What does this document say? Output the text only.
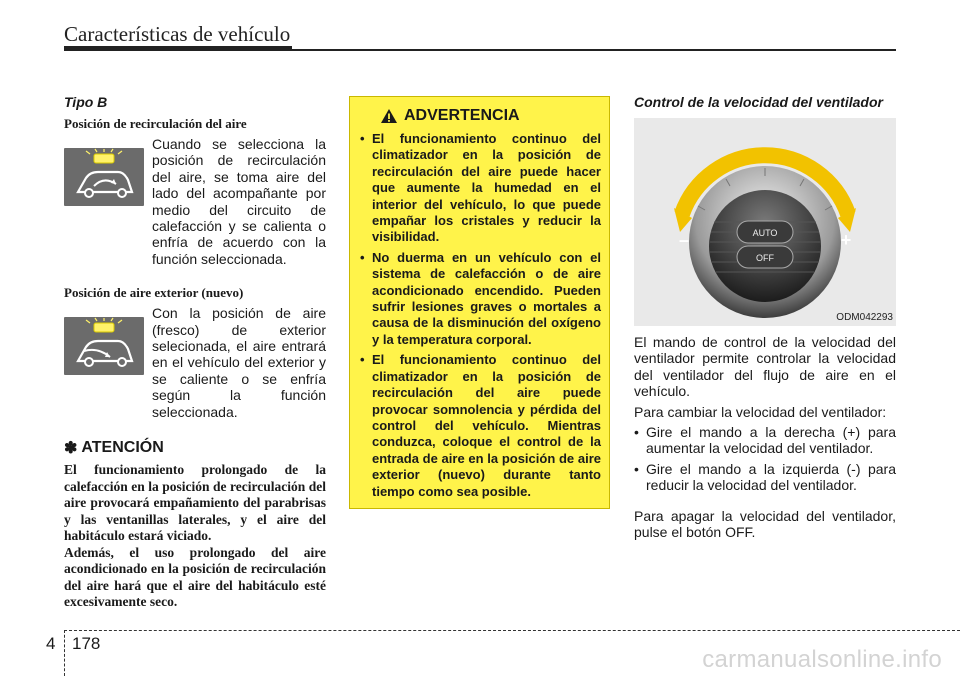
Características de vehículo

Tipo B

Posición de recirculación del aire

Cuando se selecciona la posición de recirculación del aire, se toma aire del lado del acompañante por medio del circuito de calefacción y se calienta o enfría de acuerdo con la función seleccionada.

Posición de aire exterior (nuevo)

Con la posición de aire (fresco) de exterior selecionada, el aire entrará en el vehículo del exterior y se caliente o se enfría según la función seleccionada.

✽ ATENCIÓN

El funcionamiento prolongado de la calefacción en la posición de recirculación del aire provocará empañamiento del parabrisas y las ventanillas laterales, y el aire del habitáculo estará viciado.

Además, el uso prolongado del aire acondicionado en la posición de recirculación del aire hará que el aire del habitáculo esté excesivamente seco.

ADVERTENCIA
• El funcionamiento continuo del climatizador en la posición de recirculación del aire puede hacer que aumente la humedad en el interior del vehículo, lo que puede empañar los cristales y reducir la visibilidad.
• No duerma en un vehículo con el sistema de calefacción o de aire acondicionado encendido. Pueden sufrir lesiones graves o mortales a causa de la disminución del oxígeno y la temperatura corporal.
• El funcionamiento continuo del climatizador en la posición de recirculación del aire puede provocar somnolencia y pérdida del control del vehículo. Mientras conduzca, coloque el control de la entrada de aire en la posición de aire exterior (nuevo) durante tanto tiempo como sea posible.

Control de la velocidad del ventilador

AUTO
OFF
–	+
ODM042293

El mando de control de la velocidad del ventilador permite controlar la velocidad del ventilador del flujo de aire en el vehículo.

Para cambiar la velocidad del ventilador:

• Gire el mando a la derecha (+) para aumentar la velocidad del ventilador.
• Gire el mando a la izquierda (-) para reducir la velocidad del ventilador.

Para apagar la velocidad del ventilador, pulse el botón OFF.

4 178
carmanualsonline.info
